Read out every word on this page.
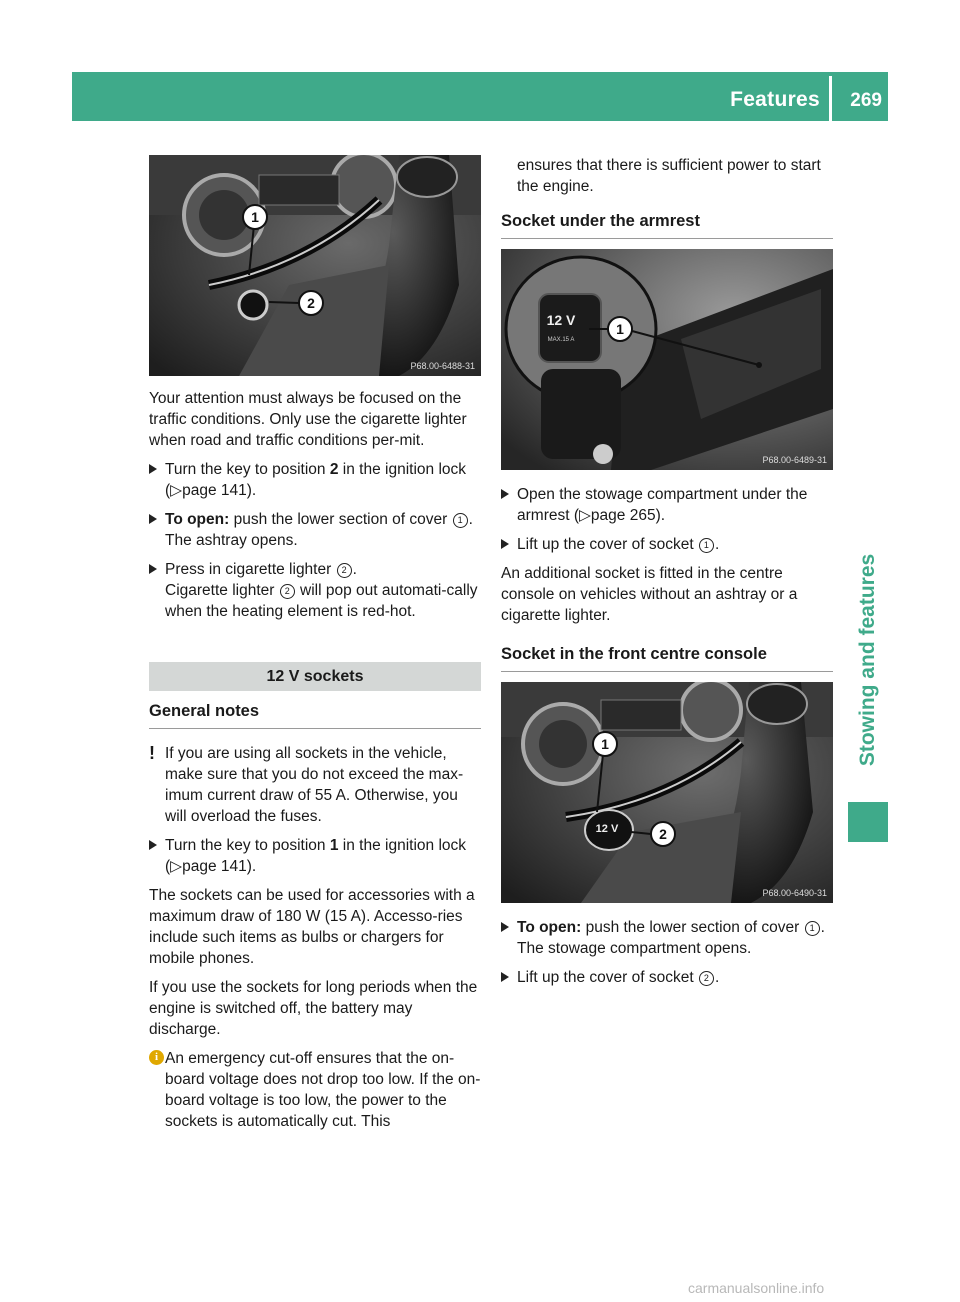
Features 269
Stowing and features
1
2
P68.00-6488-31

Your attention must always be focused on the traffic conditions. Only use the cigarette lighter when road and traffic conditions per-mit.

Turn the key to position 2 in the ignition lock (▷page 141).
To open: push the lower section of cover 1 .
The ashtray opens.
Press in cigarette lighter 2 .
Cigarette lighter 2 will pop out automati-cally when the heating element is red-hot.
12 V sockets
General notes
! If you are using all sockets in the vehicle, make sure that you do not exceed the max-imum current draw of 55 A. Otherwise, you will overload the fuses.
Turn the key to position 1 in the ignition lock (▷page 141).

The sockets can be used for accessories with a maximum draw of 180 W (15 A). Accesso-ries include such items as bulbs or chargers for mobile phones.

If you use the sockets for long periods when the engine is switched off, the battery may discharge.

i An emergency cut-off ensures that the on-board voltage does not drop too low. If the on-board voltage is too low, the power to the sockets is automatically cut. This

ensures that there is sufficient power to start the engine.

Socket under the armrest
12 V
MAX.15 A
1
P68.00-6489-31
Open the stowage compartment under the armrest (▷page 265).
Lift up the cover of socket 1 .

An additional socket is fitted in the centre console on vehicles without an ashtray or a cigarette lighter.

Socket in the front centre console
12 V
1
2
P68.00-6490-31
To open: push the lower section of cover 1 .
The stowage compartment opens.
Lift up the cover of socket 2 .
carmanualsonline.info
